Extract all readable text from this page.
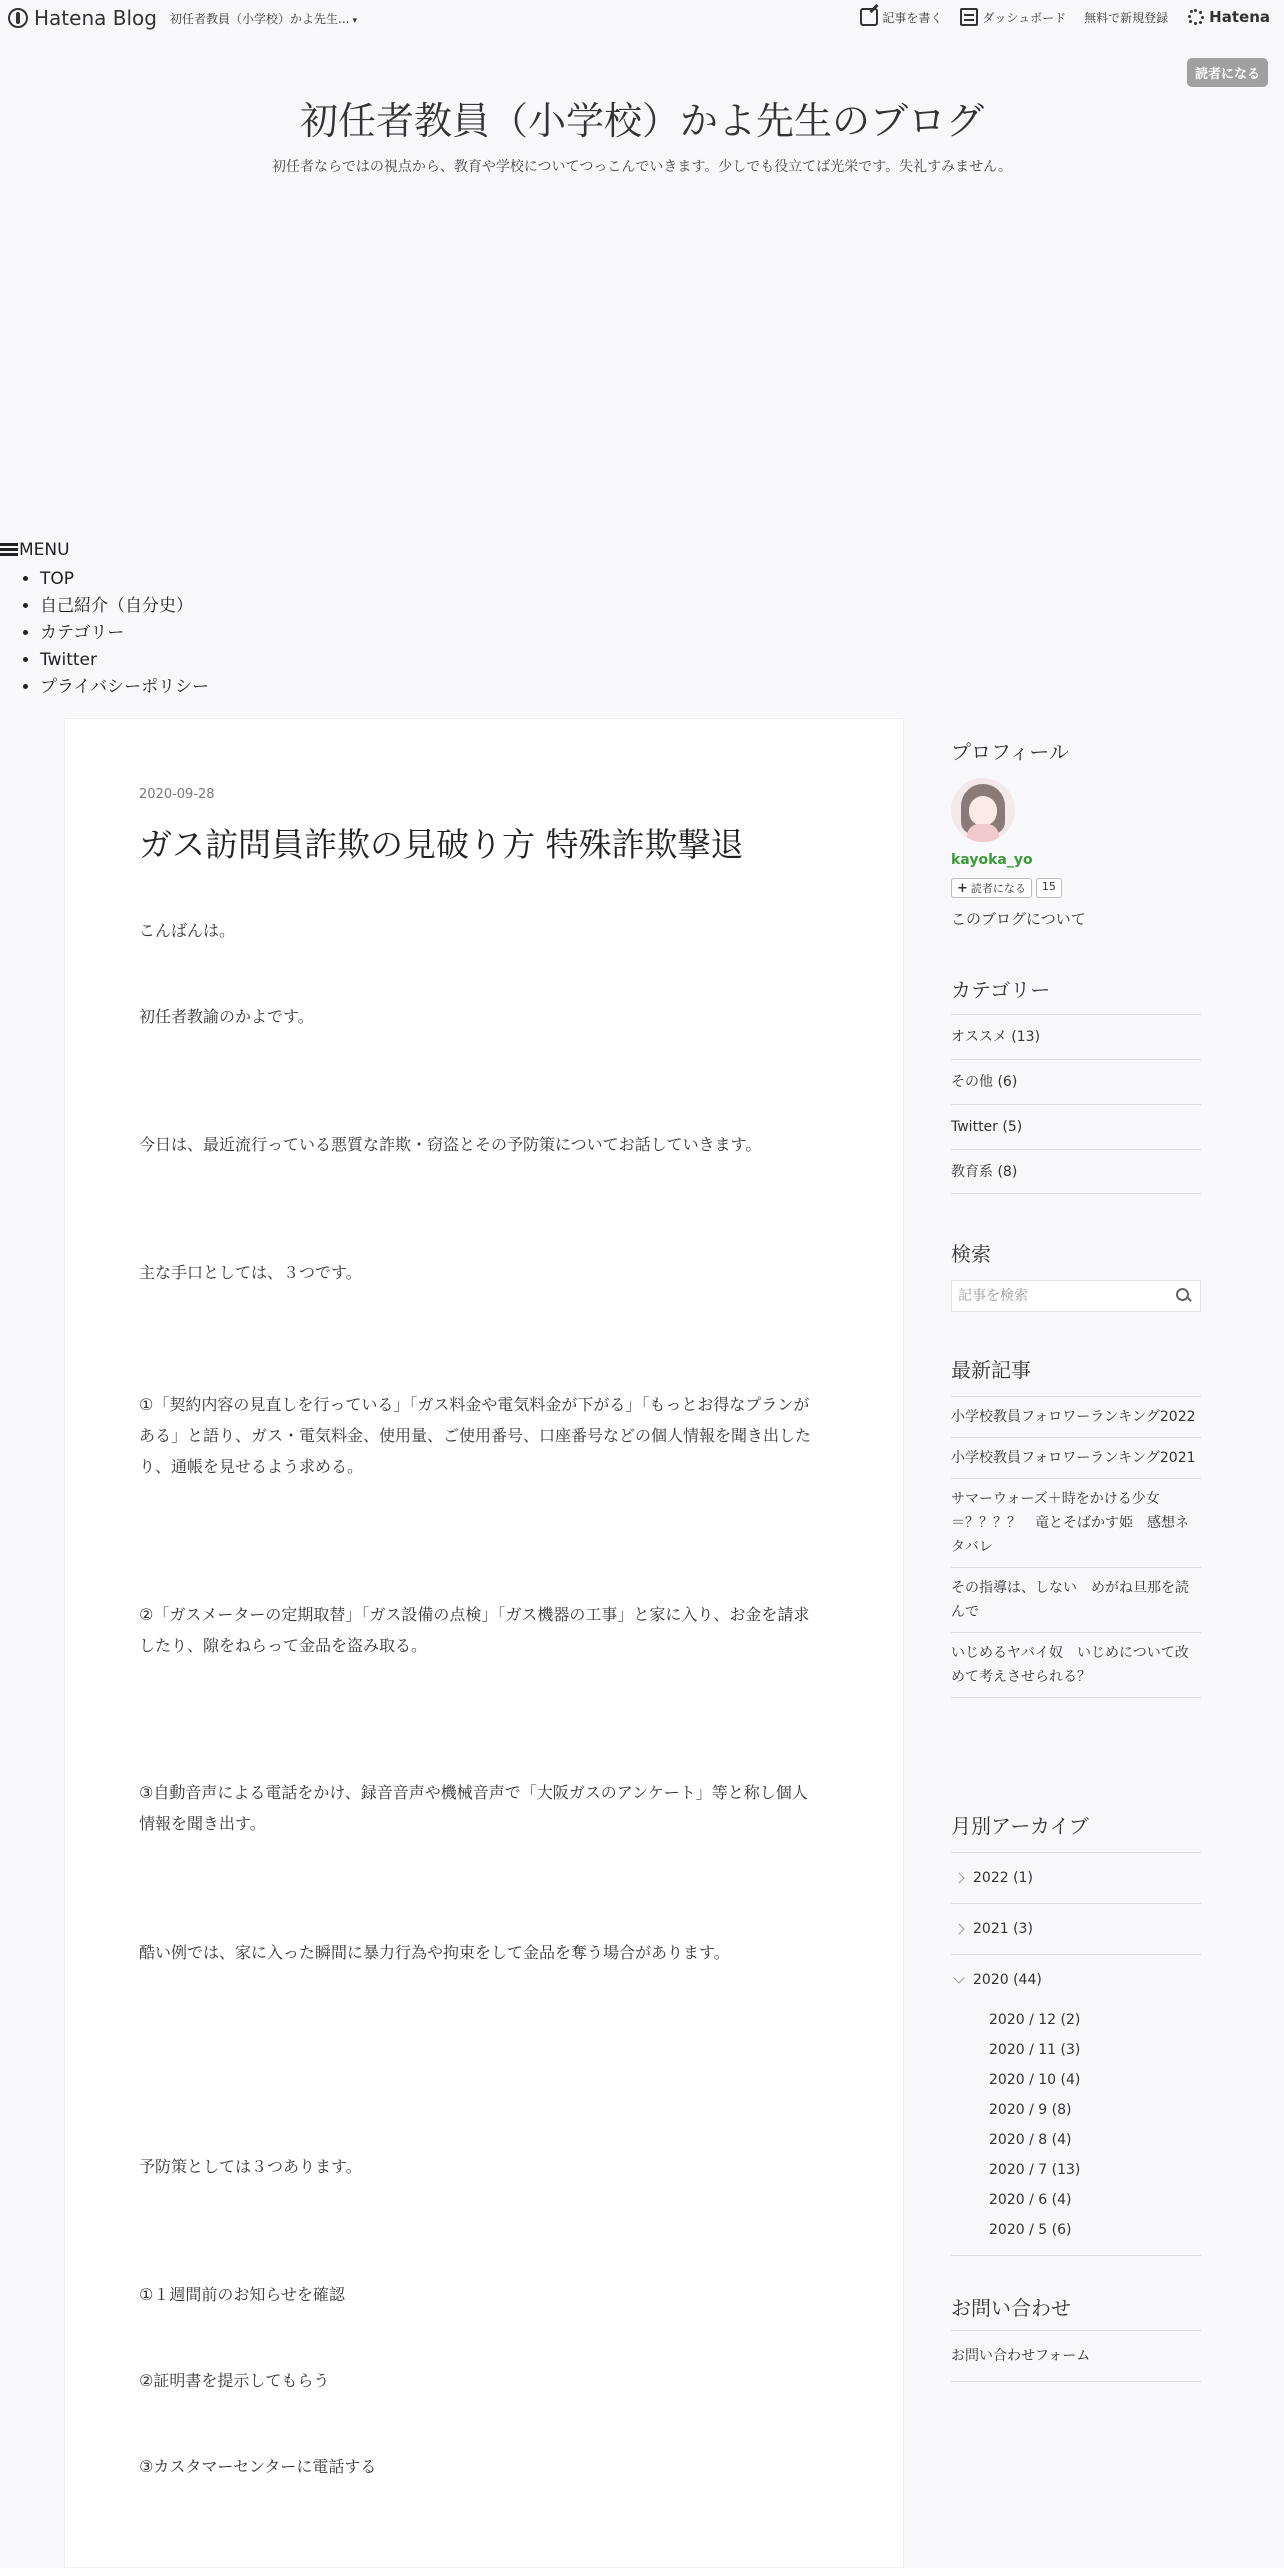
Hatena Blog 初任者教員（小学校）かよ先生... ▾	記事を書く	ダッシュボード 無料で新規登録	Hatena
読者になる
初任者教員（小学校）かよ先生のブログ

初任者ならではの視点から、教育や学校についてつっこんでいきます。少しでも役立てば光栄です。失礼すみません。

MENU
• TOP
• 自己紹介（自分史）
• カテゴリー
• Twitter
• プライバシーポリシー
2020-09-28
ガス訪問員詐欺の見破り方 特殊詐欺撃退

こんばんは。

初任者教諭のかよです。

今日は、最近流行っている悪質な詐欺・窃盗とその予防策についてお話していきます。

主な手口としては、３つです。

①「契約内容の見直しを行っている」「ガス料金や電気料金が下がる」「もっとお得なプランがある」と語り、ガス・電気料金、使用量、ご使用番号、口座番号などの個人情報を聞き出したり、通帳を見せるよう求める。

②「ガスメーターの定期取替」「ガス設備の点検」「ガス機器の工事」と家に入り、お金を請求したり、隙をねらって金品を盗み取る。

③自動音声による電話をかけ、録音音声や機械音声で「大阪ガスのアンケート」等と称し個人情報を聞き出す。

酷い例では、家に入った瞬間に暴力行為や拘束をして金品を奪う場合があります。

予防策としては３つあります。

①１週間前のお知らせを確認

②証明書を提示してもらう

③カスタマーセンターに電話する

プロフィール
kayoka_yo
+ 読者になる	15
このブログについて
カテゴリー
オススメ (13)
その他 (6)
Twitter (5)
教育系 (8)
検索
記事を検索
最新記事
小学校教員フォロワーランキング2022
小学校教員フォロワーランキング2021
サマーウォーズ＋時をかける少女＝？？？？　竜とそばかす姫　感想ネタバレ
その指導は、しない　めがね旦那を読んで
いじめるヤバイ奴　いじめについて改めて考えさせられる？
月別アーカイブ
2022 (1)
2021 (3)
2020 (44)
2020 / 12 (2)
2020 / 11 (3)
2020 / 10 (4)
2020 / 9 (8)
2020 / 8 (4)
2020 / 7 (13)
2020 / 6 (4)
2020 / 5 (6)
お問い合わせ
お問い合わせフォーム
